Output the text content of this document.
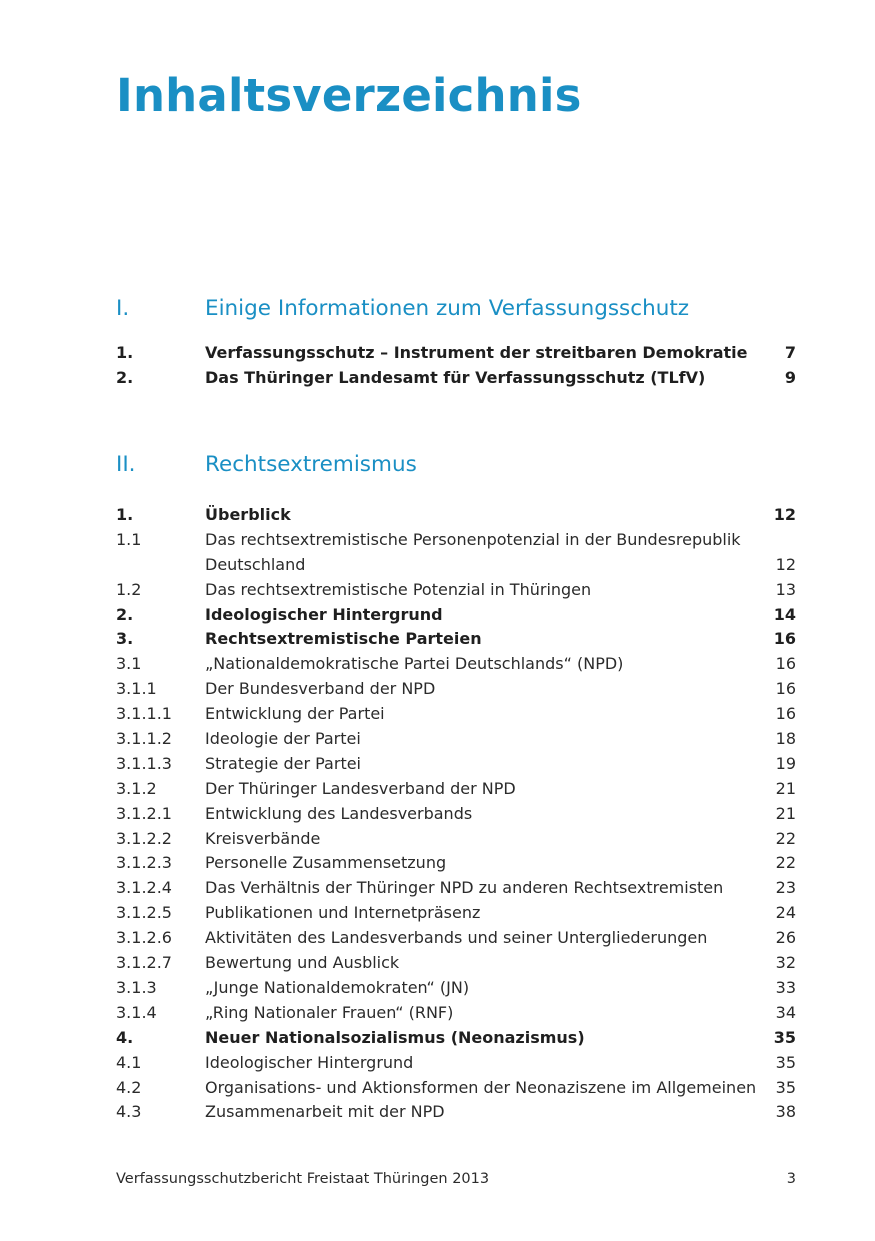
Inhaltsverzeichnis
I.	Einige Informationen zum Verfassungsschutz
1.	Verfassungsschutz – Instrument der streitbaren Demokratie 7
2.	Das Thüringer Landesamt für Verfassungsschutz (TLfV)	9
II.	Rechtsextremismus
1.	Überblick	12
1.1	Das rechtsextremistische Personenpotenzial in der Bundesrepublik Deutschland	12
1.2	Das rechtsextremistische Potenzial in Thüringen	13
2.	Ideologischer Hintergrund	14
3.	Rechtsextremistische Parteien	16
3.1	„Nationaldemokratische Partei Deutschlands“ (NPD)	16
3.1.1	Der Bundesverband der NPD	16
3.1.1.1 Entwicklung der Partei	16
3.1.1.2 Ideologie der Partei	18
3.1.1.3 Strategie der Partei	19
3.1.2	Der Thüringer Landesverband der NPD	21
3.1.2.1 Entwicklung des Landesverbands	21
3.1.2.2 Kreisverbände	22
3.1.2.3 Personelle Zusammensetzung	22
3.1.2.4 Das Verhältnis der Thüringer NPD zu anderen Rechtsextremisten	23
3.1.2.5 Publikationen und Internetpräsenz	24
3.1.2.6 Aktivitäten des Landesverbands und seiner Untergliederungen	26
3.1.2.7 Bewertung und Ausblick	32
3.1.3	„Junge Nationaldemokraten“ (JN)	33
3.1.4	„Ring Nationaler Frauen“ (RNF)	34
4.	Neuer Nationalsozialismus (Neonazismus)	35
4.1	Ideologischer Hintergrund	35
4.2	Organisations- und Aktionsformen der Neonaziszene im Allgemeinen 35
4.3	Zusammenarbeit mit der NPD	38
Verfassungsschutzbericht Freistaat Thüringen 2013	3
